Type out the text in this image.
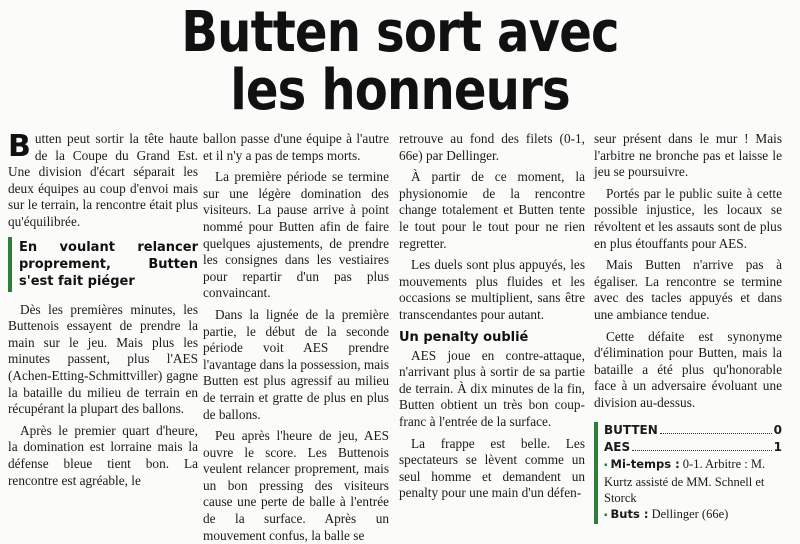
Butten sort avec
les honneurs

Butten peut sortir la tête haute de la Coupe du Grand Est. Une division d'écart séparait les deux équipes au coup d'envoi mais sur le terrain, la rencontre était plus qu'équilibrée.

En voulant relancer proprement, Butten s'est fait piéger

Dès les premières minutes, les Buttenois essayent de prendre la main sur le jeu. Mais plus les minutes passent, plus l'AES (Achen-Etting-Schmittviller) gagne la bataille du milieu de terrain en récupérant la plupart des ballons.

Après le premier quart d'heure, la domination est lorraine mais la défense bleue tient bon. La rencontre est agréable, le

ballon passe d'une équipe à l'autre et il n'y a pas de temps morts.

La première période se termine sur une légère domination des visiteurs. La pause arrive à point nommé pour Butten afin de faire quelques ajustements, de prendre les consignes dans les vestiaires pour repartir d'un pas plus convaincant.

Dans la lignée de la première partie, le début de la seconde période voit AES prendre l'avantage dans la possession, mais Butten est plus agressif au milieu de terrain et gratte de plus en plus de ballons.

Peu après l'heure de jeu, AES ouvre le score. Les Buttenois veulent relancer proprement, mais un bon pressing des visiteurs cause une perte de balle à l'entrée de la surface. Après un mouvement confus, la balle se

retrouve au fond des filets (0-1, 66e) par Dellinger.

À partir de ce moment, la physionomie de la rencontre change totalement et Butten tente le tout pour le tout pour ne rien regretter.

Les duels sont plus appuyés, les mouvements plus fluides et les occasions se multiplient, sans être transcendantes pour autant.

Un penalty oublié

AES joue en contre-attaque, n'arrivant plus à sortir de sa partie de terrain. À dix minutes de la fin, Butten obtient un très bon coup-franc à l'entrée de la surface.

La frappe est belle. Les spectateurs se lèvent comme un seul homme et demandent un penalty pour une main d'un défen-

seur présent dans le mur ! Mais l'arbitre ne bronche pas et laisse le jeu se poursuivre.

Portés par le public suite à cette possible injustice, les locaux se révoltent et les assauts sont de plus en plus étouffants pour AES.

Mais Butten n'arrive pas à égaliser. La rencontre se termine avec des tacles appuyés et dans une ambiance tendue.

Cette défaite est synonyme d'élimination pour Butten, mais la bataille a été plus qu'honorable face à un adversaire évoluant une division au-dessus.

BUTTEN	0
AES	1
▪ Mi-temps : 0-1. Arbitre : M. Kurtz assisté de MM. Schnell et Storck
▪ Buts : Dellinger (66e)
